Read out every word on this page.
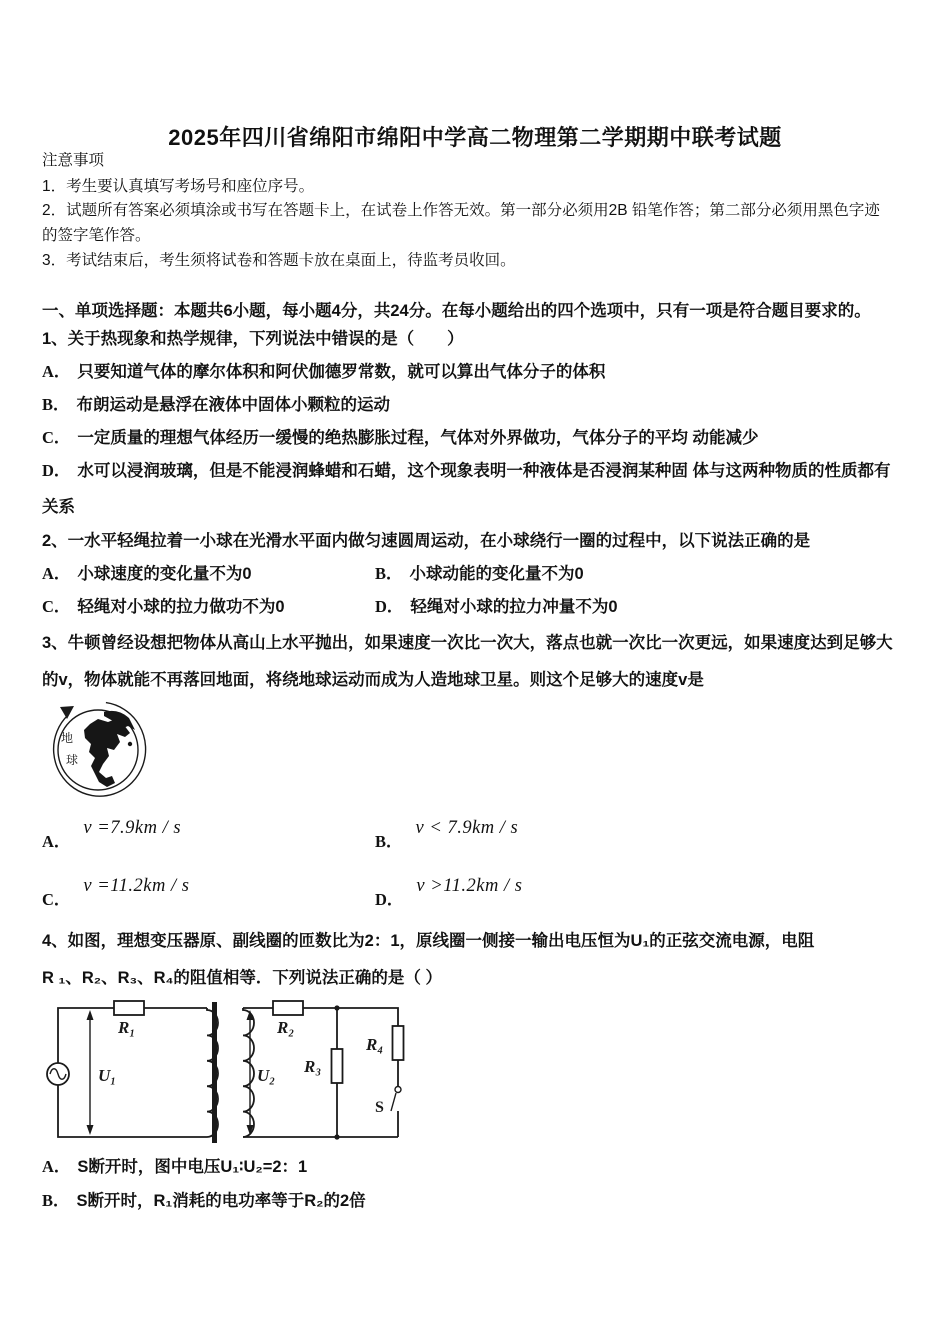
2025年四川省绵阳市绵阳中学高二物理第二学期期中联考试题
注意事项
1．考生要认真填写考场号和座位序号。
2．试题所有答案必须填涂或书写在答题卡上，在试卷上作答无效。第一部分必须用2B 铅笔作答；第二部分必须用黑色字迹的签字笔作答。
3．考试结束后，考生须将试卷和答题卡放在桌面上，待监考员收回。
一、单项选择题：本题共6小题，每小题4分，共24分。在每小题给出的四个选项中，只有一项是符合题目要求的。
1、关于热现象和热学规律，下列说法中错误的是（　　）
A． 只要知道气体的摩尔体积和阿伏伽德罗常数，就可以算出气体分子的体积
B． 布朗运动是悬浮在液体中固体小颗粒的运动
C． 一定质量的理想气体经历一缓慢的绝热膨胀过程，气体对外界做功，气体分子的平均 动能减少
D． 水可以浸润玻璃，但是不能浸润蜂蜡和石蜡，这个现象表明一种液体是否浸润某种固 体与这两种物质的性质都有
关系
2、一水平轻绳拉着一小球在光滑水平面内做匀速圆周运动，在小球绕行一圈的过程中，以下说法正确的是
A． 小球速度的变化量不为0	B． 小球动能的变化量不为0
C． 轻绳对小球的拉力做功不为0	D． 轻绳对小球的拉力冲量不为0
3、牛顿曾经设想把物体从高山上水平抛出，如果速度一次比一次大，落点也就一次比一次更远，如果速度达到足够大
的v，物体就能不再落回地面，将绕地球运动而成为人造地球卫星。则这个足够大的速度v是
地
球
A．
v =7.9km / s
B．
v < 7.9km / s
C．
v =11.2km / s
D．
v >11.2km / s
4、如图，理想变压器原、副线圈的匝数比为2：1，原线圈一侧接一输出电压恒为U₁的正弦交流电源，电阻
R ₁、R₂、R₃、R₄的阻值相等．下列说法正确的是（ ）
R₁
U₁	U₂
R₂
R₃
R₄
S
A． S断开时，图中电压U₁∶U₂=2：1
B． S断开时，R₁消耗的电功率等于R₂的2倍
